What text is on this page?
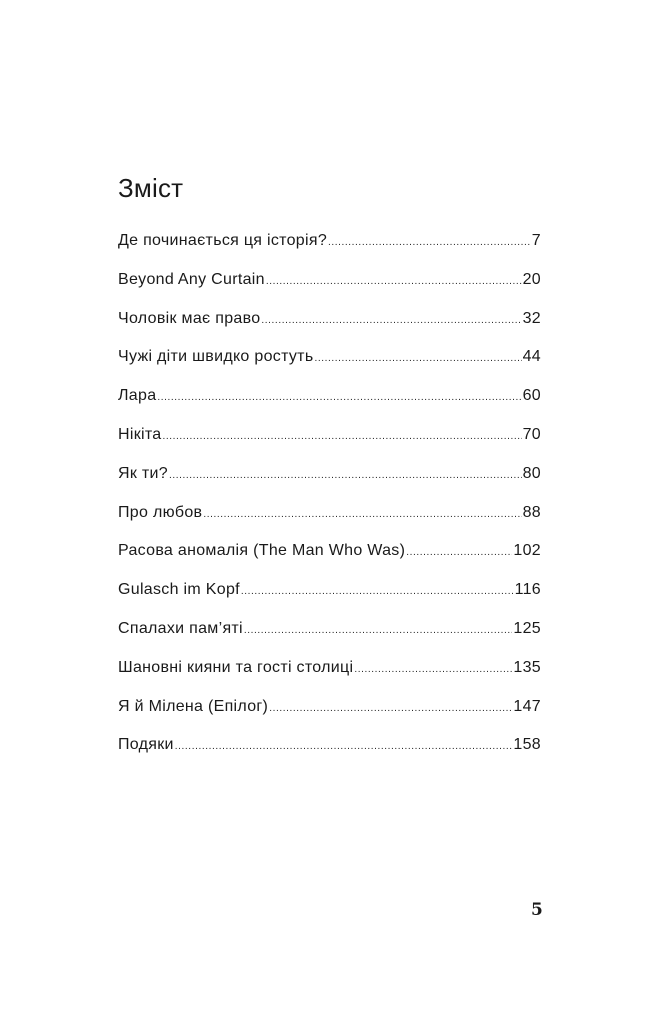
Зміст
Де починається ця історія? .....	7
Beyond Any Curtain .....	20
Чоловік має право .....	32
Чужі діти швидко ростуть .....	44
Лара .....	60
Нікіта .....	70
Як ти? .....	80
Про любов .....	88
Расова аномалія (The Man Who Was) .....	102
Gulasch im Kopf .....	116
Спалахи пам’яті .....	125
Шановні кияни та гості столиці .....	135
Я й Мілена (Епілог) .....	147
Подяки .....	158
5
